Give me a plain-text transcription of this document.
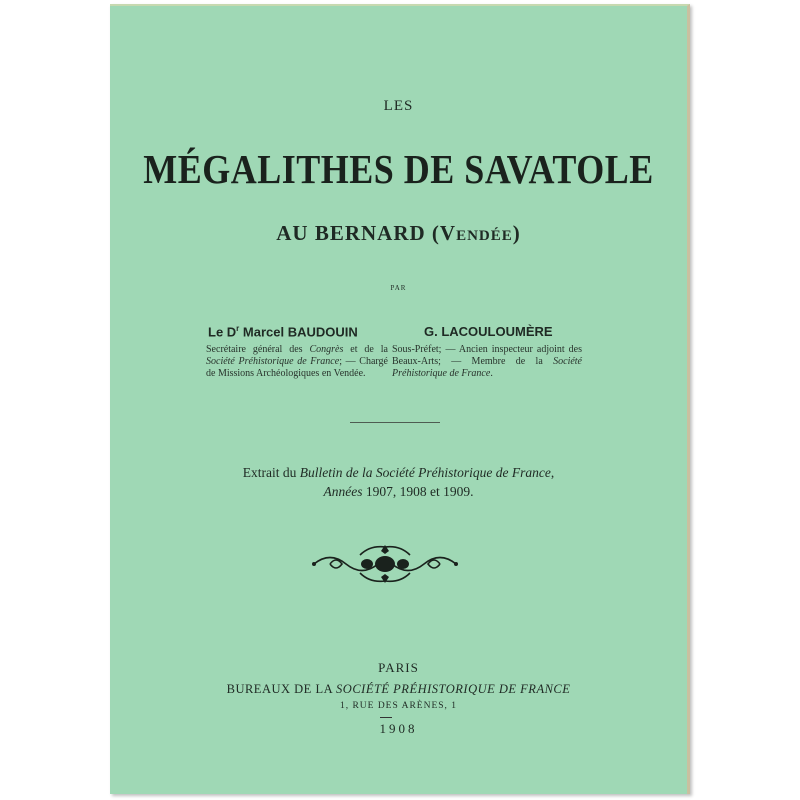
LES
MÉGALITHES DE SAVATOLE
AU BERNARD (Vendée)
PAR
Le $D^r$ Marcel BAUDOUIN
Secrétaire général des Congrès et de la Société Préhistorique de France; — Chargé de Missions Archéologiques en Vendée.
G. LACOULOUMÈRE
Sous-Préfet; — Ancien inspecteur adjoint des Beaux-Arts; — Membre de la Société Préhistorique de France.
Extrait du Bulletin de la Société Préhistorique de France,
Années 1907, 1908 et 1909.
PARIS
BUREAUX DE LA SOCIÉTÉ PRÉHISTORIQUE DE FRANCE
1, RUE DES ARÈNES, 1
1908
